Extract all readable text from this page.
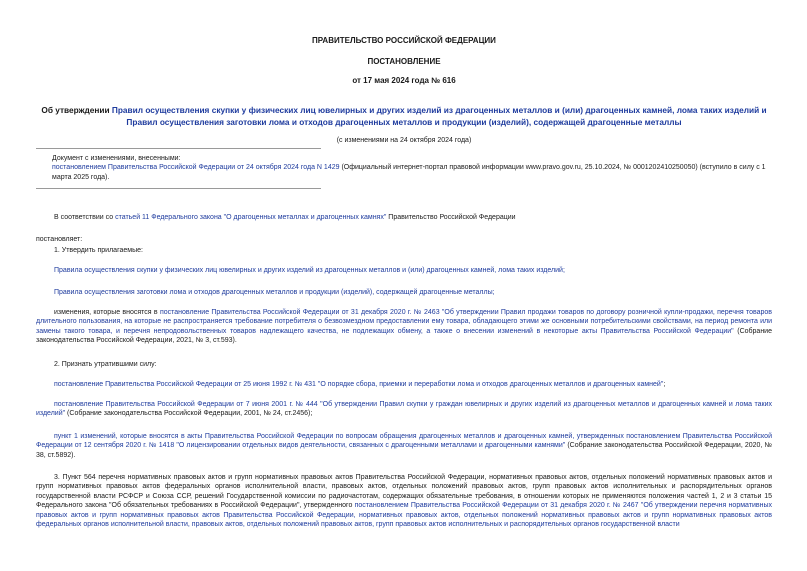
ПРАВИТЕЛЬСТВО РОССИЙСКОЙ ФЕДЕРАЦИИ

ПОСТАНОВЛЕНИЕ

от 17 мая 2024 года № 616

Об утверждении Правил осуществления скупки у физических лиц ювелирных и других изделий из драгоценных металлов и (или) драгоценных камней, лома таких изделий и Правил осуществления заготовки лома и отходов драгоценных металлов и продукции (изделий), содержащей драгоценные металлы
(с изменениями на 24 октября 2024 года)

Документ с изменениями, внесенными:

постановлением Правительства Российской Федерации от 24 октября 2024 года N 1429 (Официальный интернет-портал правовой информации www.pravo.gov.ru, 25.10.2024, № 0001202410250050) (вступило в силу с 1 марта 2025 года).

В соответствии со статьей 11 Федерального закона "О драгоценных металлах и драгоценных камнях" Правительство Российской Федерации

постановляет:

1. Утвердить прилагаемые:

Правила осуществления скупки у физических лиц ювелирных и других изделий из драгоценных металлов и (или) драгоценных камней, лома таких изделий;

Правила осуществления заготовки лома и отходов драгоценных металлов и продукции (изделий), содержащей драгоценные металлы;

изменения, которые вносятся в постановление Правительства Российской Федерации от 31 декабря 2020 г. № 2463 "Об утверждении Правил продажи товаров по договору розничной купли-продажи, перечня товаров длительного пользования, на которые не распространяется требование потребителя о безвозмездном предоставлении ему товара, обладающего этими же основными потребительскими свойствами, на период ремонта или замены такого товара, и перечня непродовольственных товаров надлежащего качества, не подлежащих обмену, а также о внесении изменений в некоторые акты Правительства Российской Федерации" (Собрание законодательства Российской Федерации, 2021, № 3, ст.593).

2. Признать утратившими силу:

постановление Правительства Российской Федерации от 25 июня 1992 г. № 431 "О порядке сбора, приемки и переработки лома и отходов драгоценных металлов и драгоценных камней";

постановление Правительства Российской Федерации от 7 июня 2001 г. № 444 "Об утверждении Правил скупки у граждан ювелирных и других изделий из драгоценных металлов и драгоценных камней и лома таких изделий" (Собрание законодательства Российской Федерации, 2001, № 24, ст.2456);

пункт 1 изменений, которые вносятся в акты Правительства Российской Федерации по вопросам обращения драгоценных металлов и драгоценных камней, утвержденных постановлением Правительства Российской Федерации от 12 сентября 2020 г. № 1418 "О лицензировании отдельных видов деятельности, связанных с драгоценными металлами и драгоценными камнями" (Собрание законодательства Российской Федерации, 2020, № 38, ст.5892).

3. Пункт 564 перечня нормативных правовых актов и групп нормативных правовых актов Правительства Российской Федерации, нормативных правовых актов, отдельных положений нормативных правовых актов и групп нормативных правовых актов федеральных органов исполнительной власти, правовых актов, отдельных положений правовых актов, групп правовых актов исполнительных и распорядительных органов государственной власти РСФСР и Союза ССР, решений Государственной комиссии по радиочастотам, содержащих обязательные требования, в отношении которых не применяются положения частей 1, 2 и 3 статьи 15 Федерального закона "Об обязательных требованиях в Российской Федерации", утвержденного постановлением Правительства Российской Федерации от 31 декабря 2020 г. № 2467 "Об утверждении перечня нормативных правовых актов и групп нормативных правовых актов Правительства Российской Федерации, нормативных правовых актов, отдельных положений нормативных правовых актов и групп нормативных правовых актов федеральных органов исполнительной власти, правовых актов, отдельных положений правовых актов, групп правовых актов исполнительных и распорядительных органов государственной власти
